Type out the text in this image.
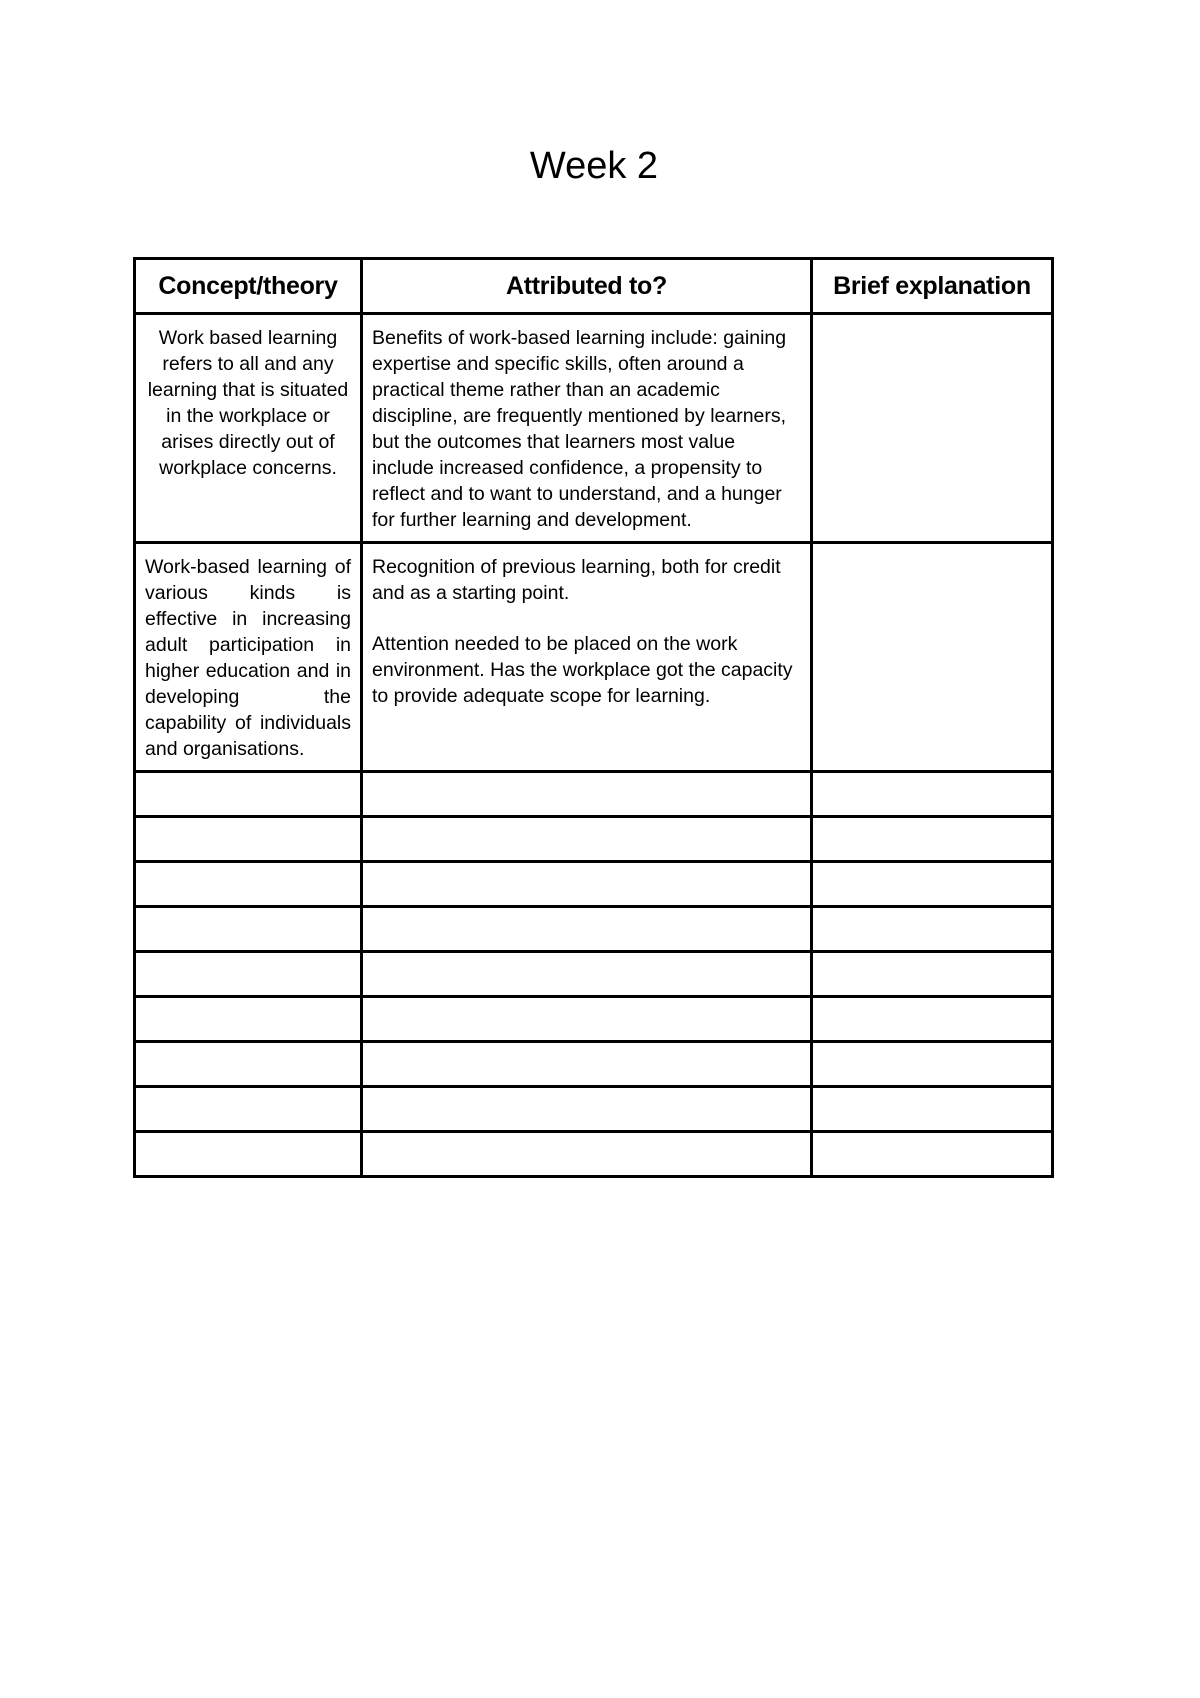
Week 2
Concept/theory	Attributed to?	Brief explanation
Work based learning refers to all and any learning that is situated in the workplace or arises directly out of workplace concerns.	Benefits of work-based learning include: gaining expertise and specific skills, often around a practical theme rather than an academic discipline, are frequently mentioned by learners, but the outcomes that learners most value include increased confidence, a propensity to reflect and to want to understand, and a hunger for further learning and development.	

Work-based learning of various kinds is effective in increasing adult participation in higher education and in developing the capability of individuals and organisations.	Recognition of previous learning, both for credit and as a starting point.
Attention needed to be placed on the work environment. Has the workplace got the capacity to provide adequate scope for learning.	
